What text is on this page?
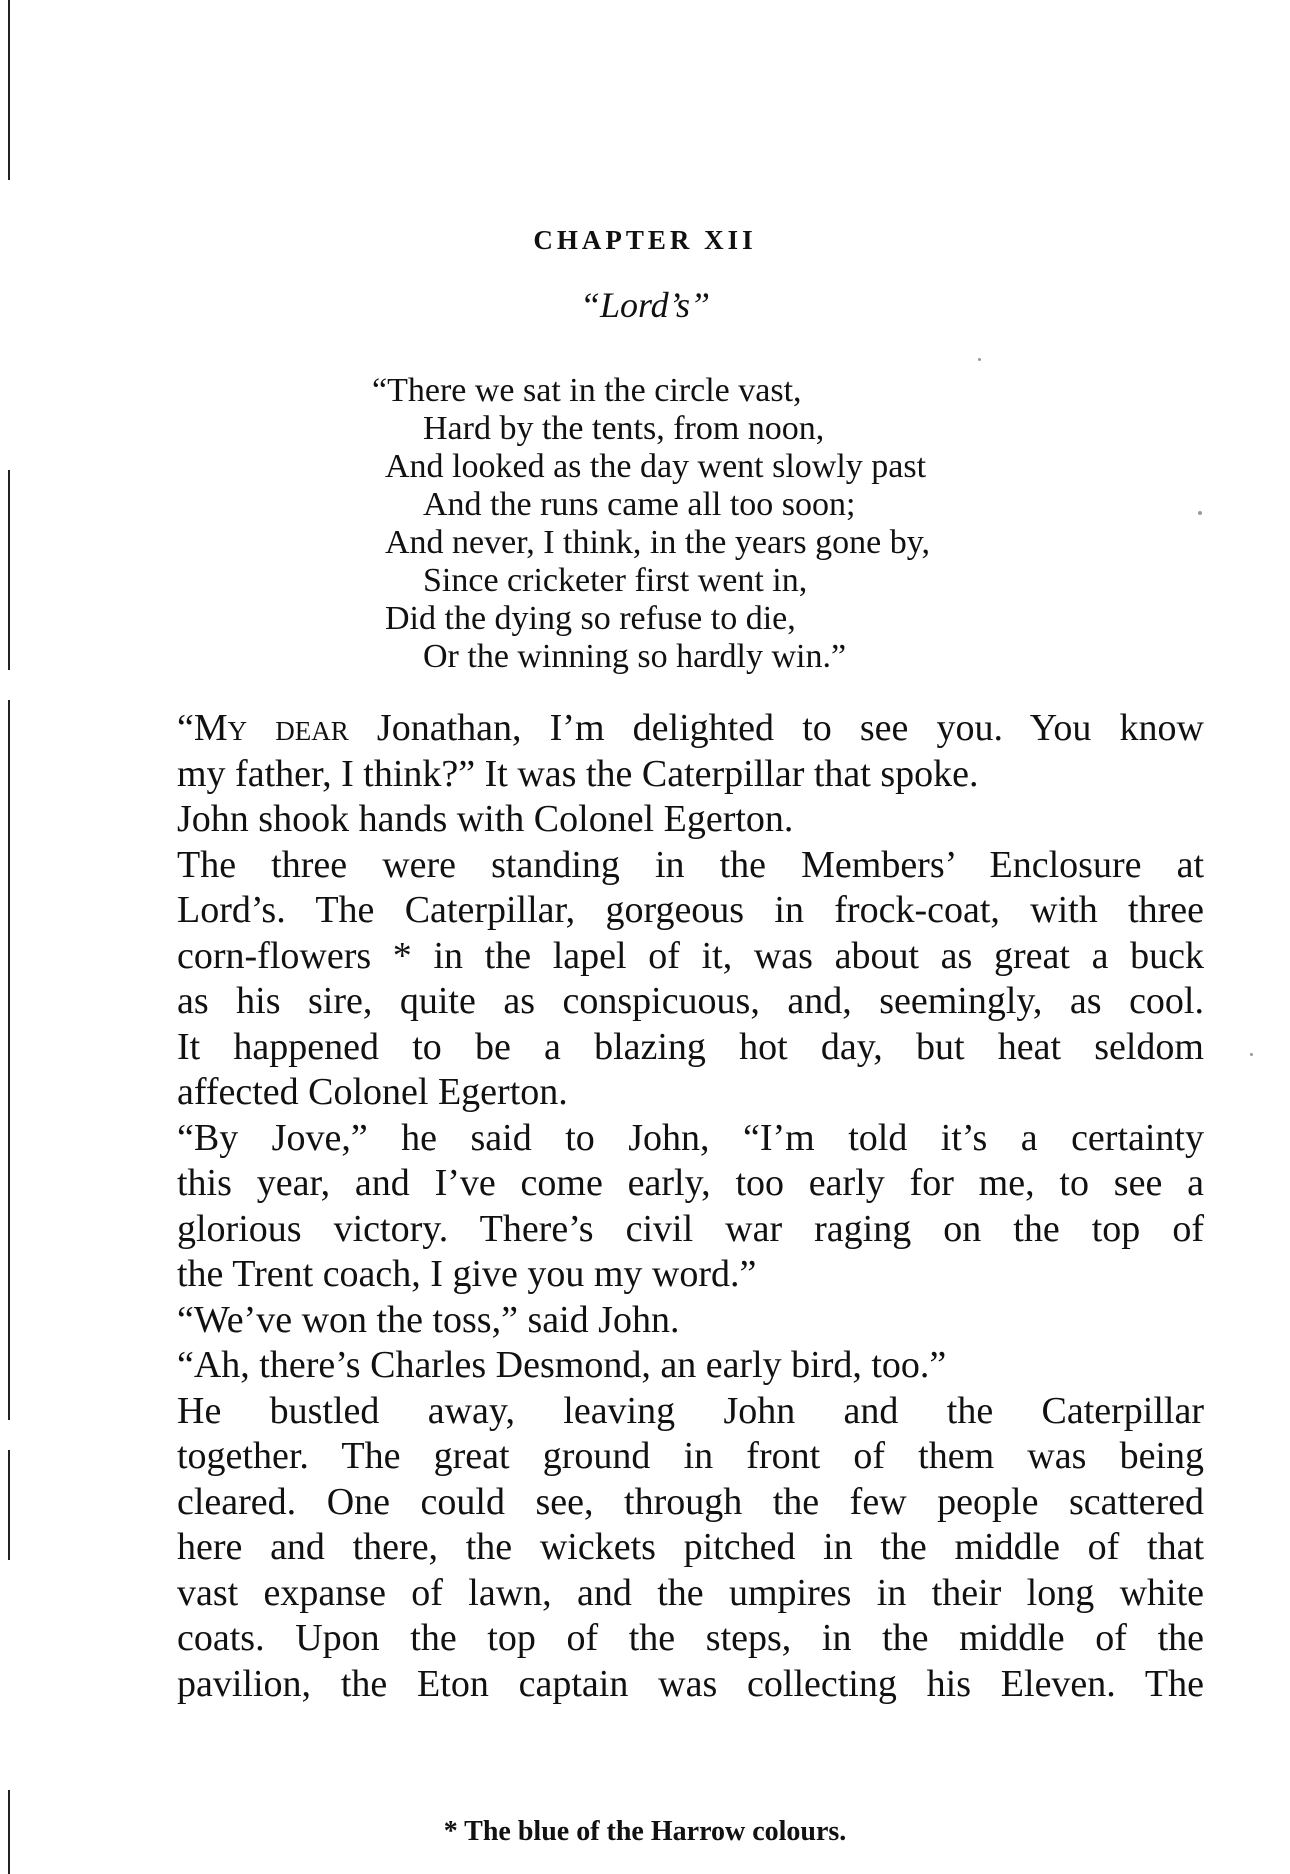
CHAPTER XII
“Lord’s”
“There we sat in the circle vast,
Hard by the tents, from noon,
And looked as the day went slowly past
And the runs came all too soon;
And never, I think, in the years gone by,
Since cricketer first went in,
Did the dying so refuse to die,
Or the winning so hardly win.”
“My dear Jonathan, I’m delighted to see you. You know
my father, I think?” It was the Caterpillar that spoke.
John shook hands with Colonel Egerton.
The three were standing in the Members’ Enclosure at
Lord’s. The Caterpillar, gorgeous in frock-coat, with three
corn-flowers * in the lapel of it, was about as great a buck
as his sire, quite as conspicuous, and, seemingly, as cool.
It happened to be a blazing hot day, but heat seldom
affected Colonel Egerton.
“By Jove,” he said to John, “I’m told it’s a certainty
this year, and I’ve come early, too early for me, to see a
glorious victory. There’s civil war raging on the top of
the Trent coach, I give you my word.”
“We’ve won the toss,” said John.
“Ah, there’s Charles Desmond, an early bird, too.”
He bustled away, leaving John and the Caterpillar
together. The great ground in front of them was being
cleared. One could see, through the few people scattered
here and there, the wickets pitched in the middle of that
vast expanse of lawn, and the umpires in their long white
coats. Upon the top of the steps, in the middle of the
pavilion, the Eton captain was collecting his Eleven. The
* The blue of the Harrow colours.
